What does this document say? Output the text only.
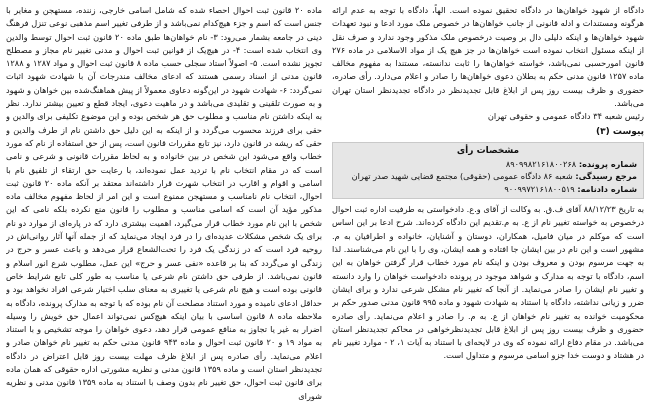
دادگاه از شهود خواهان‌ها در دادگاه تحقیق نموده است. الهاً، دادگاه با توجه به عدم ارائه هرگونه ومستندات و ادله قانونی از جانب خواهان‌ها در خصوص ملک مورد ادعا و نبود تعهدات شهود خواهان‌ها و اینکه دلیلی دال بر وصیت درخصوص ملک مذکور وجود ندارد و صرف نقل از اینکه مسئول انتخاب نموده است خواهان‌ها در جز هیچ یک از مواد الاسلامی در ماده ۲۷۶ قانون امورحسبی نمی‌باشد، خواسته خواهان‌ها را ثابت ندانسته، مستندا به مفهوم مخالف ماده ۱۲۵۷ قانون مدنی حکم به بطلان دعوی خواهان‌ها را صادر و اعلام می‌دارد. رأی صادره، حضوری و ظرف بیست روز پس از ابلاغ قابل تجدیدنظر در دادگاه تجدیدنظر استان تهران می‌باشد.

رئیس شعبه ۳۴ دادگاه عمومی و حقوقی تهران

پیوست (۳)
مشخصات رأی
شماره پرونده: ۸۹۰۹۹۸۲۱۶۱۸۰۰۲۶۸
مرجع رسیدگی: شعبه ۸۶ دادگاه عمومی (حقوقی) مجتمع قضایی شهید صدر تهران
شماره دادنامه: ۹۰۰۹۹۷۲۱۶۱۸۰۰۵۱۹

به تاریخ ۸۸/۱۲/۲۳ آقای ف.ق. به وکالت از آقای و.ع. دادخواستی به طرفیت اداره ثبت احوال درخصوص به خواسته تغییر نام از ع. به م.تقدیم این دادگاه کرده‌اند. شرح ادعا بر این اساس است که موکلم در میان فامیل، همکاران، دوستان و آشنایان، خانواده و اطرافیان به م. مشهور است و این نام در بین ایشان جا افتاده و همه ایشان، وی را با این نام می‌شناسند. لذا به جهت مرسوم بودن و معروف بودن و اینکه نام مورد خطاب قرار گرفتن خواهان به این اسم، دادگاه با توجه به مدارک و شواهد موجود در پرونده دادخواست خواهان را وارد دانسته و تغییر نام ایشان را صادر می‌نماید. از آنجا که تغییر نام مشکل شرعی ندارد و برای ایشان ضرر و زیانی نداشته، دادگاه با استناد به شهادت شهود و ماده ۹۹۵ قانون مدنی صدور حکم بر محکومیت خوانده به تغییر نام خواهان از ع. به م. را صادر و اعلام می‌نماید. رأی صادره حضوری و ظرف بیست روز پس از ابلاغ قابل تجدیدنظرخواهی در محاکم تجدیدنظر استان می‌باشد. در مقام دفاع ارائه نموده که وی در لایحه‌ای با استناد به آیات ۱، ۲ - موارد تغییر نام در هشتاد و دوست خدا جزو اسامی مرسوم و متداول است.

ماده ۲۰ قانون ثبت احوال احصاء شده که شامل اسامی خارجی، زننده، مستهجن و مغایر با جنس است که اسم و جزء هیچ‌کدام نمی‌باشد و از طرفی تغییر اسم مذهبی نوعی تنزل فرهنگ دینی در جامعه بشمار می‌رود: ۳- نام خواهان‌ها طبق ماده ۲۰ قانون ثبت احوال توسط والدین وی انتخاب شده است: ۴- در هیچ‌یک از قوانین ثبت احوال و مدنی تغییر نام مجاز و مصطلح تجویز نشده است. ۵- اصولاً استاد سجلی حسب ماده ۸ قانون ثبت احوال و مواد ۱۲۸۷ و ۱۲۸۸ قانون مدنی از اسناد رسمی هستند که ادعای مخالف مندرجات آن با شهادت شهود اثبات نمی‌گردد: ۶- شهادت شهود در این‌گونه دعاوی معمولاً از پیش هماهنگ‌شده بین خواهان و شهود و به صورت تلقینی و تقلیدی می‌باشد و در ماهیت دعوی، ایجاد قطع و تعیین بیشتر ندارد. نظر به اینکه داشتن نام مناسب و مطلوب حق هر شخص بوده و این موضوع تکلیفی برای والدین و حقی برای فرزند محسوب می‌گردد و از اینکه به این دلیل حق داشتن نام از طرف والدین و حقی که ریشه در قانون دارد، نیز تابع مقررات قانون است، پس از حق استفاده از نام که مورد خطاب واقع می‌شود این شخص در بین خانواده و به لحاظ مقررات قانونی و شرعی و نامی است که در مقام انتخاب نام با تردید عمل نموده‌اند، با رعایت حق ارتقاء از تلفیق نام با اسامی و اقوام و اقارب در انتخاب شهرت قرار داشته‌اند معتقد بر آنکه ماده ۲۰ قانون ثبت احوال، انتخاب نام نامناسب و مستهجن ممنوع است و این امر از لحاظ مفهوم مخالف ماده مذکور مؤید آن است که اسامی مناسب و مطلوب را قانون منع نکرده بلکه نامی که این شخص با این نام مورد خطاب قرار می‌گیرد، اهمیت بیشتری دارد که در پاره‌ای از موارد دو نام برای یک شخص مشکلات عدیده‌ای را در فرد ایجاد می‌نماید که از جمله آنها آثار روانی‌اش در روحیه فرد است که در زندگی یک فرد را تحت‌الشعاع قرار می‌دهد و باعث عسر و حرج در زندگی او می‌گردد که بنا بر قاعده «نفی عسر و حرج» این عمل، مطلوب شرع انور اسلام و قانون نمی‌باشد. از طرفی حق داشتن نام شرعی یا مناسب به طور کلی تابع شرایط خاص قانونی بوده است و هیچ نام شرعی یا تغییری به معنای سلب اختیار شرعی افراد نخواهد بود و حداقل ادعای نامیده و مورد استناد مصلحت آن نام بوده که با توجه به مدارک پرونده، دادگاه به ملاحظه ماده ۸ قانون اساسی با بیان اینکه هیچ‌کس نمی‌تواند اعمال حق خویش را وسیله اضرار به غیر یا تجاوز به منافع عمومی قرار دهد، دعوی خواهان را موجه تشخیص و با استناد به مواد ۱۹ و ۲۰ قانون ثبت احوال و ماده ۹۴۳ قانون مدنی حکم به تغییر نام خواهان صادر و اعلام می‌نماید. رأی صادره پس از ابلاغ ظرف مهلت بیست روز قابل اعتراض در دادگاه تجدیدنظر استان است و ماده ۱۳۵۹ قانون مدنی و نظریه مشورتی اداره حقوقی که همان ماده برای قانون ثبت احوال، حق تغییر نام بدون وصف با استناد به ماده ۱۳۵۹ قانون مدنی و نظریه شورای
